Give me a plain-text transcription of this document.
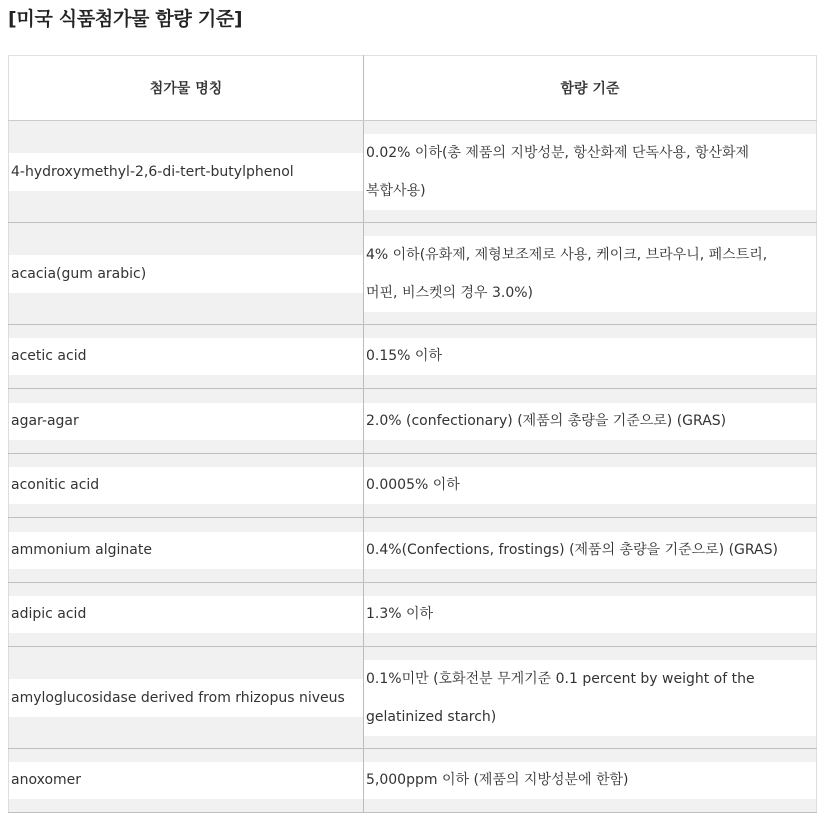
[미국 식품첨가물 함량 기준]
첨가물 명칭	함량 기준

4-hydroxymethyl-2,6-di-tert-butylphenol	0.02% 이하(총 제품의 지방성분, 항산화제 단독사용, 항산화제
복합사용)

acacia(gum arabic)	4% 이하(유화제, 제형보조제로 사용, 케이크, 브라우니, 페스트리,
머핀, 비스켓의 경우 3.0%)

acetic acid	0.15% 이하

agar-agar	2.0% (confectionary) (제품의 총량을 기준으로) (GRAS)

aconitic acid	0.0005% 이하

ammonium alginate	0.4%(Confections, frostings) (제품의 총량을 기준으로) (GRAS)

adipic acid	1.3% 이하

amyloglucosidase derived from rhizopus niveus	0.1%미만 (호화전분 무게기준 0.1 percent by weight of the
gelatinized starch)

anoxomer	5,000ppm 이하 (제품의 지방성분에 한함)
